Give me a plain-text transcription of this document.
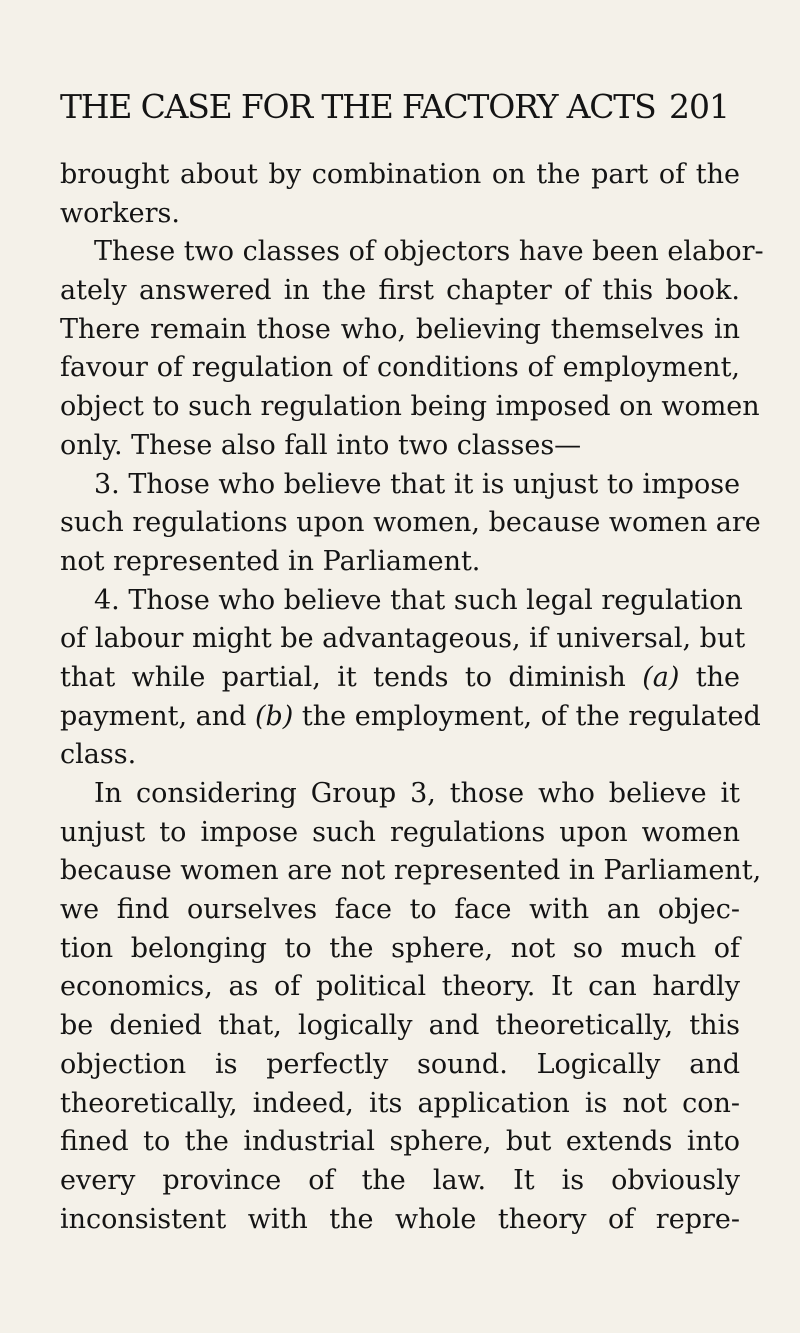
THE CASE FOR THE FACTORY ACTS 201
brought about by combination on the part of the
workers.
These two classes of objectors have been elabor-
ately answered in the first chapter of this book.
There remain those who, believing themselves in
favour of regulation of conditions of employment,
object to such regulation being imposed on women
only. These also fall into two classes—
3. Those who believe that it is unjust to impose
such regulations upon women, because women are
not represented in Parliament.
4. Those who believe that such legal regulation
of labour might be advantageous, if universal, but
that while partial, it tends to diminish (a) the
payment, and (b) the employment, of the regulated
class.
In considering Group 3, those who believe it
unjust to impose such regulations upon women
because women are not represented in Parliament,
we find ourselves face to face with an objec-
tion belonging to the sphere, not so much of
economics, as of political theory. It can hardly
be denied that, logically and theoretically, this
objection is perfectly sound. Logically and
theoretically, indeed, its application is not con-
fined to the industrial sphere, but extends into
every province of the law. It is obviously
inconsistent with the whole theory of repre-
